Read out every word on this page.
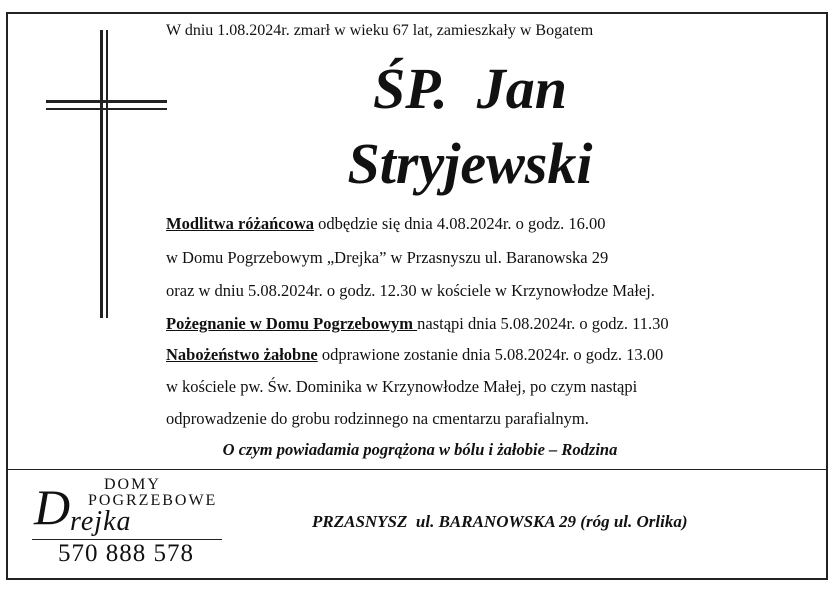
W dniu 1.08.2024r. zmarł w wieku 67 lat, zamieszkały w Bogatem
ŚP.  Jan
Stryjewski
Modlitwa różańcowa odbędzie się dnia 4.08.2024r. o godz. 16.00
w Domu Pogrzebowym „Drejka” w Przasnyszu ul. Baranowska 29
oraz w dniu 5.08.2024r. o godz. 12.30 w kościele w Krzynowłodze Małej.
Pożegnanie w Domu Pogrzebowym nastąpi dnia 5.08.2024r. o godz. 11.30
Nabożeństwo żałobne odprawione zostanie dnia 5.08.2024r. o godz. 13.00
w kościele pw. Św. Dominika w Krzynowłodze Małej, po czym nastąpi
odprowadzenie do grobu rodzinnego na cmentarzu parafialnym.
O czym powiadamia pogrążona w bólu i żałobie – Rodzina
DOMY
POGRZEBOWE
D rejka
570 888 578
PRZASNYSZ  ul. BARANOWSKA 29 (róg ul. Orlika)
